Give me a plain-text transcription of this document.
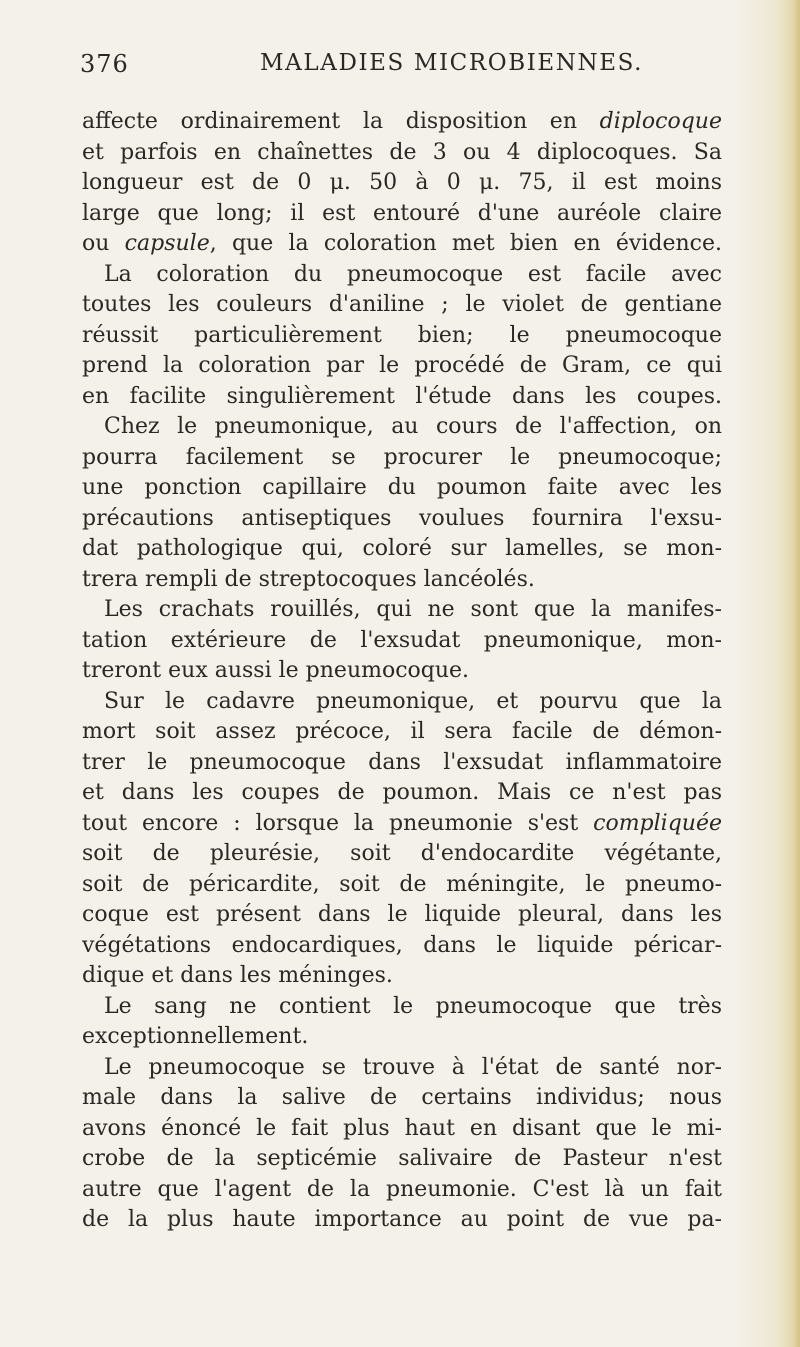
376	MALADIES MICROBIENNES.
affecte ordinairement la disposition en diplocoque
et parfois en chaînettes de 3 ou 4 diplocoques. Sa
longueur est de 0 μ. 50 à 0 μ. 75, il est moins
large que long; il est entouré d'une auréole claire
ou capsule, que la coloration met bien en évidence.
La coloration du pneumocoque est facile avec
toutes les couleurs d'aniline ; le violet de gentiane
réussit particulièrement bien; le pneumocoque
prend la coloration par le procédé de Gram, ce qui
en facilite singulièrement l'étude dans les coupes.
Chez le pneumonique, au cours de l'affection, on
pourra facilement se procurer le pneumocoque;
une ponction capillaire du poumon faite avec les
précautions antiseptiques voulues fournira l'exsu-
dat pathologique qui, coloré sur lamelles, se mon-
trera rempli de streptocoques lancéolés.
Les crachats rouillés, qui ne sont que la manifes-
tation extérieure de l'exsudat pneumonique, mon-
treront eux aussi le pneumocoque.
Sur le cadavre pneumonique, et pourvu que la
mort soit assez précoce, il sera facile de démon-
trer le pneumocoque dans l'exsudat inflammatoire
et dans les coupes de poumon. Mais ce n'est pas
tout encore : lorsque la pneumonie s'est compliquée
soit de pleurésie, soit d'endocardite végétante,
soit de péricardite, soit de méningite, le pneumo-
coque est présent dans le liquide pleural, dans les
végétations endocardiques, dans le liquide péricar-
dique et dans les méninges.
Le sang ne contient le pneumocoque que très
exceptionnellement.
Le pneumocoque se trouve à l'état de santé nor-
male dans la salive de certains individus; nous
avons énoncé le fait plus haut en disant que le mi-
crobe de la septicémie salivaire de Pasteur n'est
autre que l'agent de la pneumonie. C'est là un fait
de la plus haute importance au point de vue pa-
